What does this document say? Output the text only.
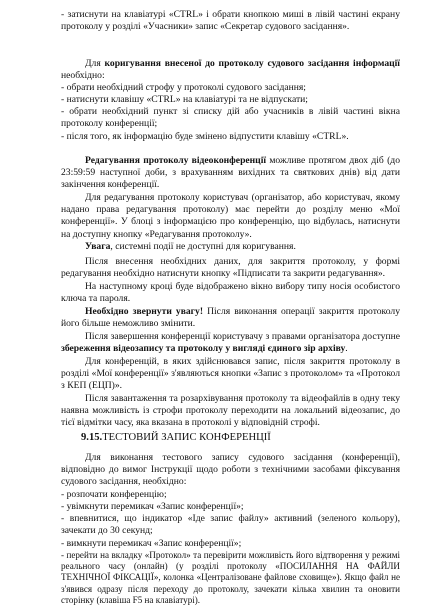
- затиснути на клавіатурі «CTRL» і обрати кнопкою миші в лівій частині екрану протоколу у розділі «Учасники» запис «Секретар судового засідання».

Для коригування внесеної до протоколу судового засідання інформації необхідно:

- обрати необхідний строфу у протоколі судового засідання;

- натиснути клавішу «CTRL» на клавіатурі та не відпускати;

- обрати необхідний пункт зі списку дій або учасників в лівій частині вікна протоколу конференції;

- після того, як інформацію буде змінено відпустити клавішу «CTRL».

Редагування протоколу відеоконференції можливе протягом двох діб (до 23:59:59 наступної доби, з врахуванням вихідних та святкових днів) від дати закінчення конференції.

Для редагування протоколу користувач (організатор, або користувач, якому надано права редагування протоколу) має перейти до розділу меню «Мої конференції». У блоці з інформацією про конференцію, що відбулась, натиснути на доступну кнопку «Редагування протоколу».

Увага, системні події не доступні для коригування.

Після внесення необхідних даних, для закриття протоколу, у формі редагування необхідно натиснути кнопку «Підписати та закрити редагування».

На наступному кроці буде відображено вікно вибору типу носія особистого ключа та пароля.

Необхідно звернути увагу! Після виконання операції закриття протоколу його більше неможливо змінити.

Після завершення конференції користувачу з правами організатора доступне збереження відеозапису та протоколу у вигляді єдиного зір архіву.

Для конференцій, в яких здійснювався запис, після закриття протоколу в розділі «Мої конференції» з'являються кнопки «Запис з протоколом» та «Протокол з КЕП (ЕЦП)».

Після завантаження та розархівування протоколу та відеофайлів в одну теку наявна можливість із строфи протоколу переходити на локальний відеозапис, до тієї відмітки часу, яка вказана в протоколі у відповідній строфі.

9.15.ТЕСТОВИЙ ЗАПИС КОНФЕРЕНЦІЇ

Для виконання тестового запису судового засідання (конференції), відповідно до вимог Інструкції щодо роботи з технічними засобами фіксування судового засідання, необхідно:

- розпочати конференцію;

- увімкнути перемикач «Запис конференції»;

- впевнитися, що індикатор «Іде запис файлу» активний (зеленого кольору), зачекати до 30 секунд;

- вимкнути перемикач «Запис конференції»;

- перейти на вкладку «Протокол» та перевірити можливість його відтворення у режимі реального часу (онлайн) (у розділі протоколу «ПОСИЛАННЯ НА ФАЙЛИ ТЕХНІЧНОЇ ФІКСАЦІЇ», колонка «Централізоване файлове сховище»). Якщо файл не з'явився одразу після переходу до протоколу, зачекати кілька хвилин та оновити сторінку (клавіша F5 на клавіатурі).
